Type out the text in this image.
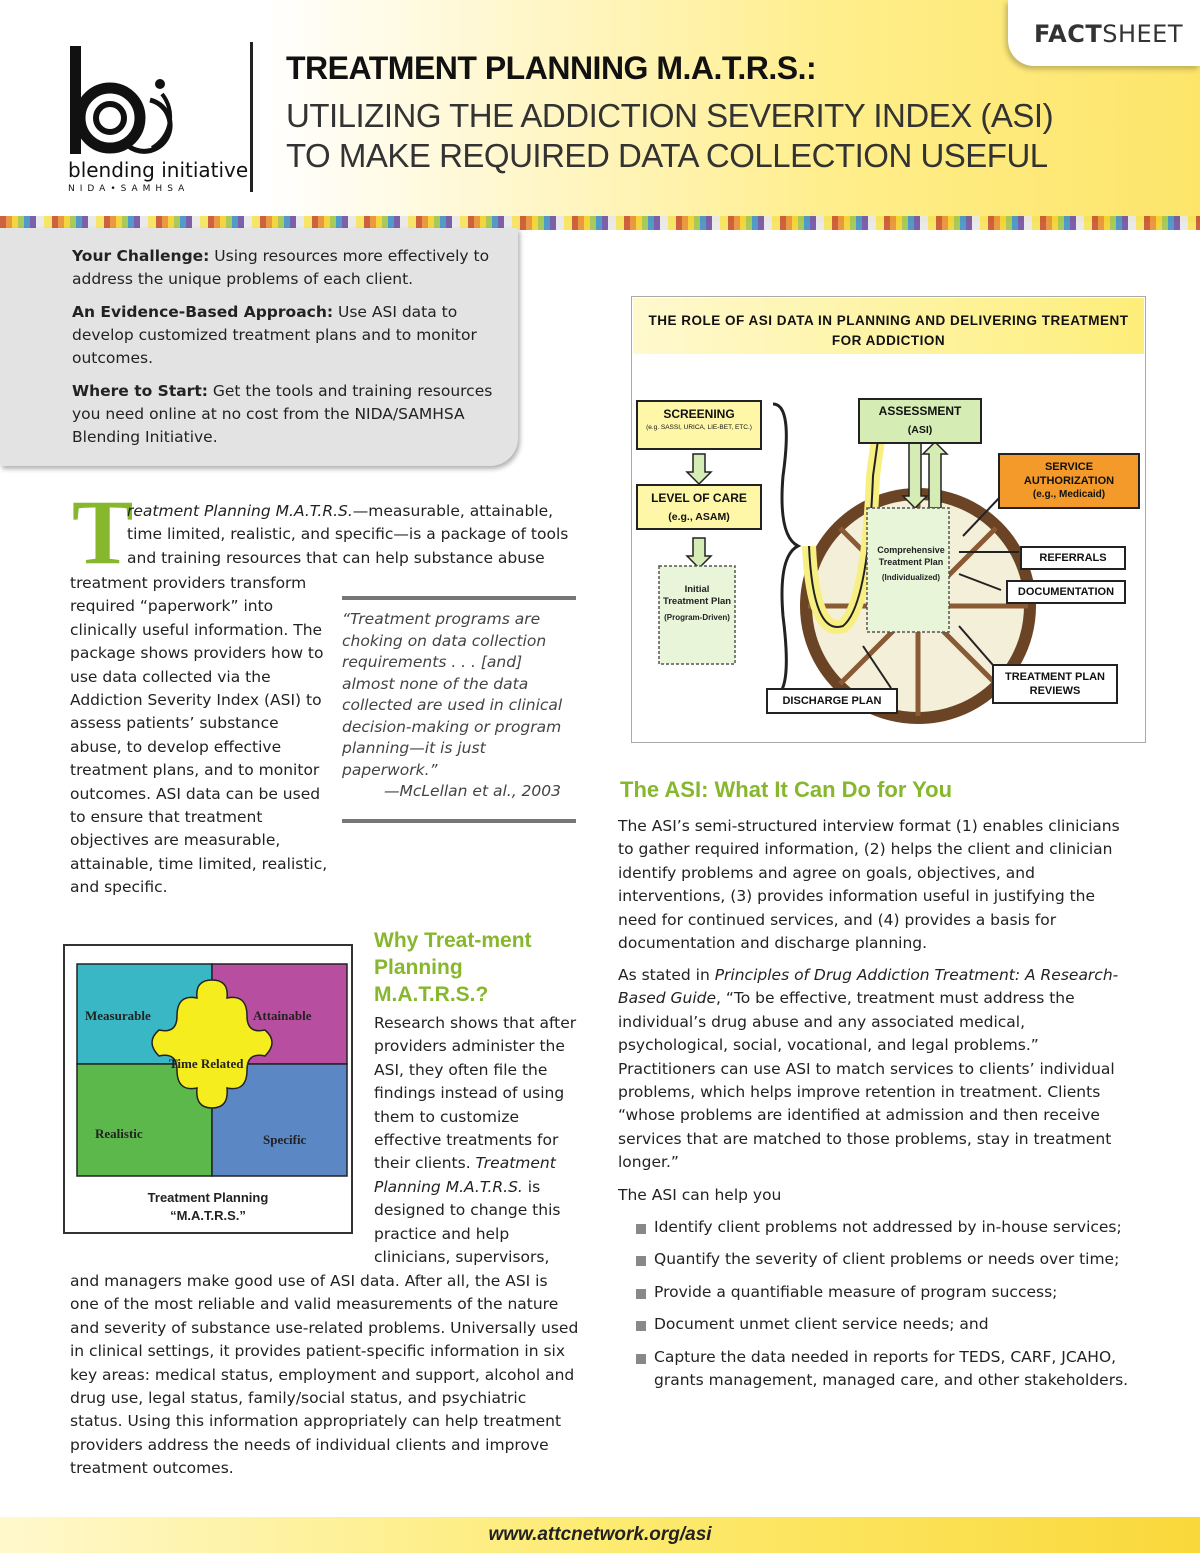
FACTSHEET
blending initiative
NIDA•SAMHSA
TREATMENT PLANNING M.A.T.R.S.:
UTILIZING THE ADDICTION SEVERITY INDEX (ASI)
TO MAKE REQUIRED DATA COLLECTION USEFUL

Your Challenge: Using resources more effectively to address the unique problems of each client.

An Evidence-Based Approach: Use ASI data to develop customized treatment plans and to monitor outcomes.

Where to Start: Get the tools and training resources you need online at no cost from the NIDA/SAMHSA Blending Initiative.

T
reatment Planning M.A.T.R.S.—measurable, attainable,
time limited, realistic, and specific—is a package of tools
and training resources that can help substance abuse

treatment providers transform required “paperwork” into clinically useful information. The package shows providers how to use data collected via the Addiction Severity Index (ASI) to assess patients’ substance abuse, to develop effective treatment plans, and to monitor outcomes. ASI data can be used to ensure that treatment objectives are measurable, attainable, time limited, realistic, and specific.

“Treatment programs are choking on data collection requirements . . . [and] almost none of the data collected are used in clinical decision-making or program planning—it is just paperwork.”

—McLellan et al., 2003
Measurable	Attainable
Time Related
Realistic	Specific
Treatment Planning
“M.A.T.R.S.”
Why Treat-ment Planning M.A.T.R.S.?

Research shows that after providers administer the ASI, they often file the findings instead of using them to customize effective treatments for their clients. Treatment Planning M.A.T.R.S. is designed to change this practice and help clinicians, supervisors,

and managers make good use of ASI data. After all, the ASI is one of the most reliable and valid measurements of the nature and severity of substance use-related problems. Universally used in clinical settings, it provides patient-specific information in six key areas: medical status, employment and support, alcohol and drug use, legal status, family/social status, and psychiatric status. Using this information appropriately can help treatment providers address the needs of individual clients and improve treatment outcomes.

THE ROLE OF ASI DATA IN PLANNING AND DELIVERING TREATMENT FOR ADDICTION
SCREENING
(e.g. SASSI, URICA, LIE-BET, ETC.)
LEVEL OF CARE
(e.g., ASAM)
Initial Treatment Plan
(Program-Driven)
ASSESSMENT
(ASI)
SERVICE AUTHORIZATION
(e.g., Medicaid)
Comprehensive Treatment Plan
(Individualized)
REFERRALS
DOCUMENTATION
TREATMENT PLAN REVIEWS
DISCHARGE PLAN
The ASI: What It Can Do for You

The ASI’s semi-structured interview format (1) enables clinicians to gather required information, (2) helps the client and clinician identify problems and agree on goals, objectives, and interventions, (3) provides information useful in justifying the need for continued services, and (4) provides a basis for documentation and discharge planning.

As stated in Principles of Drug Addiction Treatment: A Research-Based Guide, “To be effective, treatment must address the individual’s drug abuse and any associated medical, psychological, social, vocational, and legal problems.” Practitioners can use ASI to match services to clients’ individual problems, which helps improve retention in treatment. Clients “whose problems are identified at admission and then receive services that are matched to those problems, stay in treatment longer.”

The ASI can help you

Identify client problems not addressed by in-house services;
Quantify the severity of client problems or needs over time;
Provide a quantifiable measure of program success;
Document unmet client service needs; and
Capture the data needed in reports for TEDS, CARF, JCAHO, grants management, managed care, and other stakeholders.
www.attcnetwork.org/asi
